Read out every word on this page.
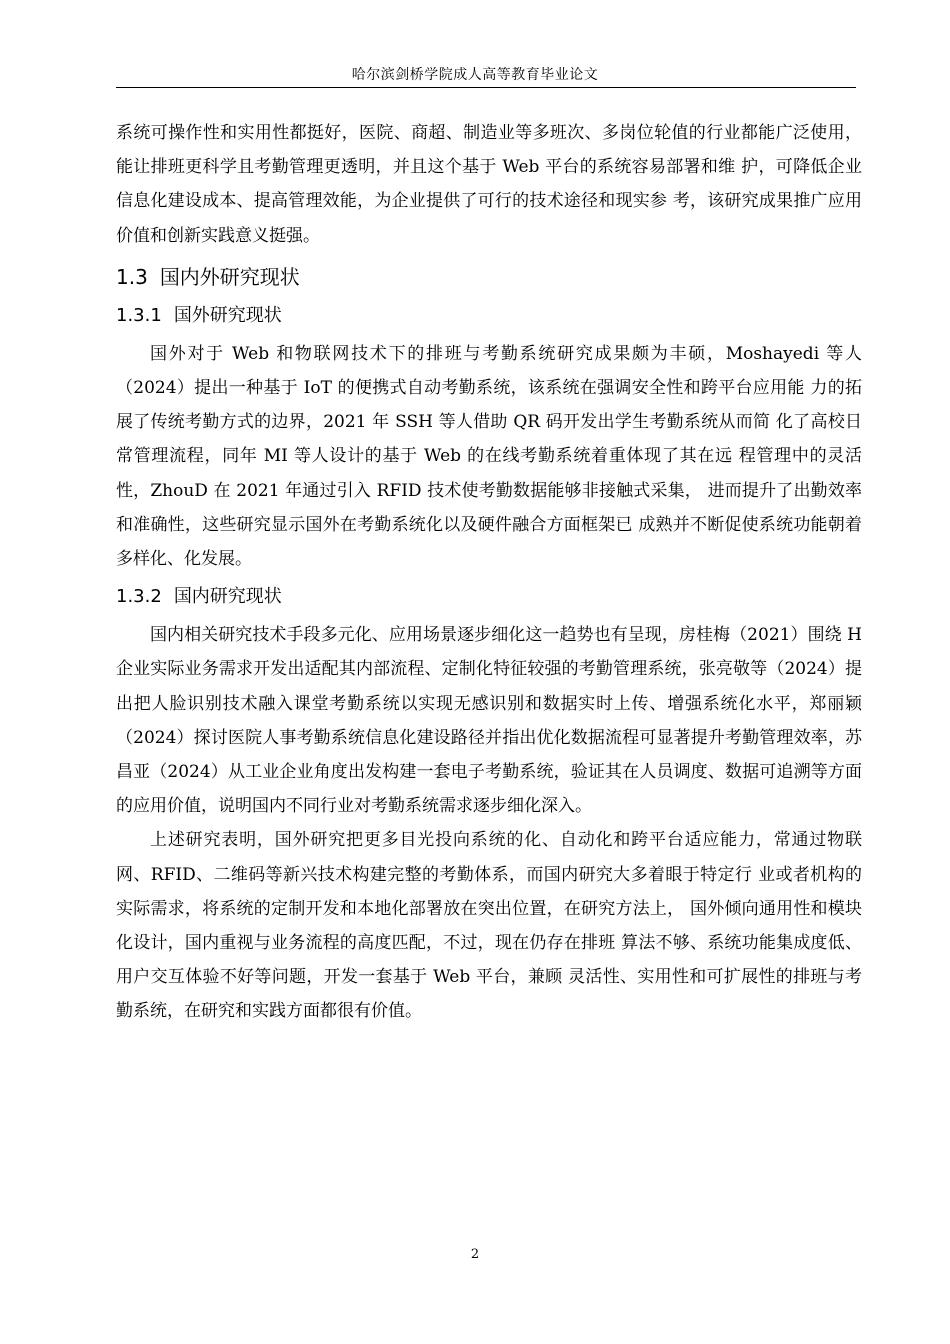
哈尔滨剑桥学院成人高等教育毕业论文

系统可操作性和实用性都挺好，医院、商超、制造业等多班次、多岗位轮值的行业都能广泛使用，能让排班更科学且考勤管理更透明，并且这个基于 Web 平台的系统容易部署和维 护，可降低企业信息化建设成本、提高管理效能，为企业提供了可行的技术途径和现实参 考，该研究成果推广应用价值和创新实践意义挺强。

1.3 国内外研究现状
1.3.1 国外研究现状

国外对于 Web 和物联网技术下的排班与考勤系统研究成果颇为丰硕，Moshayedi 等人 （2024）提出一种基于 IoT 的便携式自动考勤系统，该系统在强调安全性和跨平台应用能 力的拓展了传统考勤方式的边界，2021 年 SSH 等人借助 QR 码开发出学生考勤系统从而简 化了高校日常管理流程，同年 MI 等人设计的基于 Web 的在线考勤系统着重体现了其在远 程管理中的灵活性，ZhouD 在 2021 年通过引入 RFID 技术使考勤数据能够非接触式采集， 进而提升了出勤效率和准确性，这些研究显示国外在考勤系统化以及硬件融合方面框架已 成熟并不断促使系统功能朝着多样化、化发展。

1.3.2 国内研究现状

国内相关研究技术手段多元化、应用场景逐步细化这一趋势也有呈现，房桂梅（2021）围绕 H 企业实际业务需求开发出适配其内部流程、定制化特征较强的考勤管理系统，张亮敬等（2024）提出把人脸识别技术融入课堂考勤系统以实现无感识别和数据实时上传、增强系统化水平，郑丽颖（2024）探讨医院人事考勤系统信息化建设路径并指出优化数据流程可显著提升考勤管理效率，苏昌亚（2024）从工业企业角度出发构建一套电子考勤系统，验证其在人员调度、数据可追溯等方面的应用价值，说明国内不同行业对考勤系统需求逐步细化深入。

上述研究表明，国外研究把更多目光投向系统的化、自动化和跨平台适应能力，常通过物联网、RFID、二维码等新兴技术构建完整的考勤体系，而国内研究大多着眼于特定行 业或者机构的实际需求，将系统的定制开发和本地化部署放在突出位置，在研究方法上， 国外倾向通用性和模块化设计，国内重视与业务流程的高度匹配，不过，现在仍存在排班 算法不够、系统功能集成度低、用户交互体验不好等问题，开发一套基于 Web 平台，兼顾 灵活性、实用性和可扩展性的排班与考勤系统，在研究和实践方面都很有价值。

2
